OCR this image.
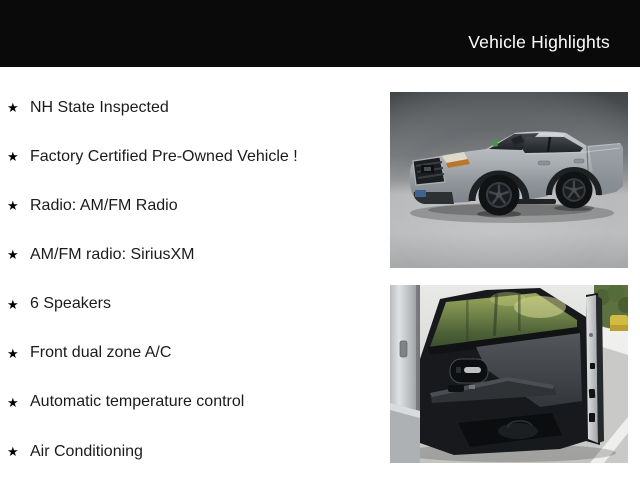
Vehicle Highlights
★ NH State Inspected
★ Factory Certified Pre-Owned Vehicle !
★ Radio: AM/FM Radio
★ AM/FM radio: SiriusXM
★ 6 Speakers
★ Front dual zone A/C
★ Automatic temperature control
★ Air Conditioning
